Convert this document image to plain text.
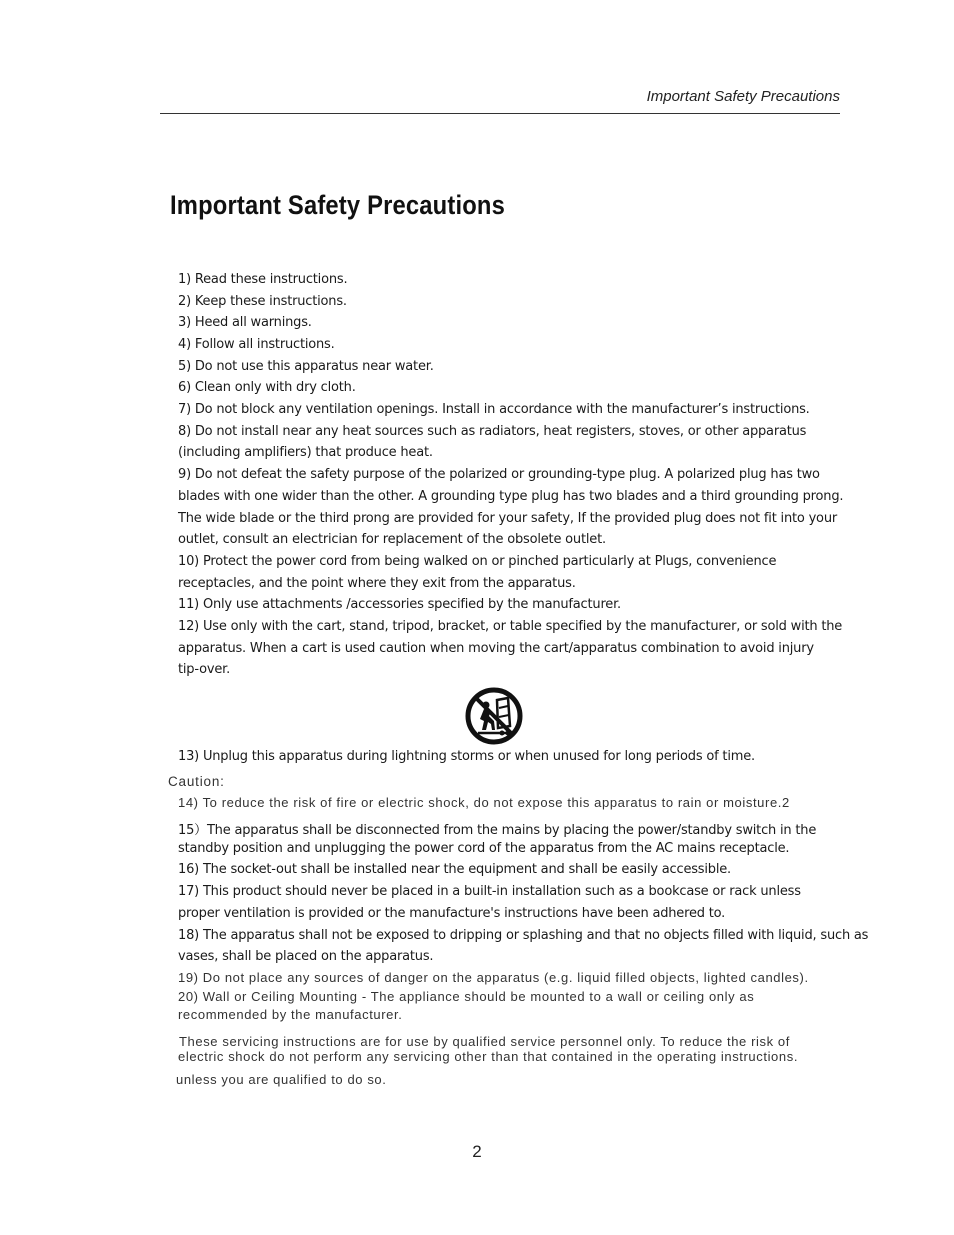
Important Safety Precautions
Important Safety Precautions
1) Read these instructions.
2) Keep these instructions.
3) Heed all warnings.
4) Follow all instructions.
5) Do not use this apparatus near water.
6) Clean only with dry cloth.
7) Do not block any ventilation openings. Install in accordance with the manufacturer’s instructions.
8) Do not install near any heat sources such as radiators, heat registers, stoves, or other apparatus
(including amplifiers) that produce heat.
9) Do not defeat the safety purpose of the polarized or grounding-type plug. A polarized plug has two
blades with one wider than the other. A grounding type plug has two blades and a third grounding prong.
The wide blade or the third prong are provided for your safety, If the provided plug does not fit into your
outlet, consult an electrician for replacement of the obsolete outlet.
10) Protect the power cord from being walked on or pinched particularly at Plugs, convenience
receptacles, and the point where they exit from the apparatus.
11) Only use attachments /accessories specified by the manufacturer.
12) Use only with the cart, stand, tripod, bracket, or table specified by the manufacturer, or sold with the
apparatus. When a cart is used caution when moving the cart/apparatus combination to avoid injury
tip-over.
13) Unplug this apparatus during lightning storms or when unused for long periods of time.
Caution:
14) To reduce the risk of fire or electric shock, do not expose this apparatus to rain or moisture.2
15）The apparatus shall be disconnected from the mains by placing the power/standby switch in the
standby position and unplugging the power cord of the apparatus from the AC mains receptacle.
16) The socket-out shall be installed near the equipment and shall be easily accessible.
17) This product should never be placed in a built-in installation such as a bookcase or rack unless
proper ventilation is provided or the manufacture's instructions have been adhered to.
18) The apparatus shall not be exposed to dripping or splashing and that no objects filled with liquid, such as
vases, shall be placed on the apparatus.
19) Do not place any sources of danger on the apparatus (e.g. liquid filled objects, lighted candles).
20) Wall or Ceiling Mounting - The appliance should be mounted to a wall or ceiling only as
recommended by the manufacturer.
These servicing instructions are for use by qualified service personnel only. To reduce the risk of
electric shock do not perform any servicing other than that contained in the operating instructions.
unless you are qualified to do so.
2
